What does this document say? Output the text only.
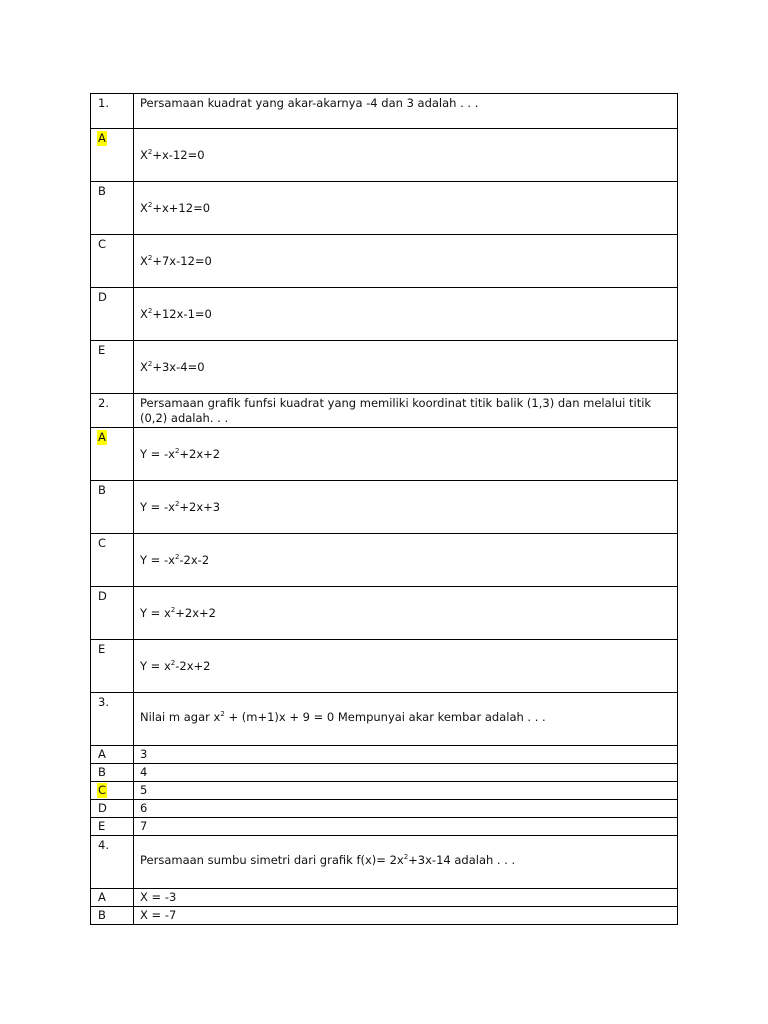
1.	Persamaan kuadrat yang akar-akarnya -4 dan 3 adalah . . .

A	$X^2+x-12=0$

B	$X^2+x+12=0$

C	$X^2+7x-12=0$

D	$X^2+12x-1=0$

E	$X^2+3x-4=0$

2.	Persamaan grafik funfsi kuadrat yang memiliki koordinat titik balik (1,3) dan melalui titik (0,2) adalah. . .

A	$Y = -x^2+2x+2$

B	$Y = -x^2+2x+3$

C	$Y = -x^2-2x-2$

D	$Y = x^2+2x+2$

E	$Y = x^2-2x+2$

3.	Nilai m agar $x^2 + (m+1)x + 9 = 0$ Mempunyai akar kembar adalah . . .

A	3

B	4

C	5

D	6

E	7

4.	Persamaan sumbu simetri dari grafik $f(x)= 2x^2+3x-14$ adalah . . .

A	X = -3

B	X = -7
